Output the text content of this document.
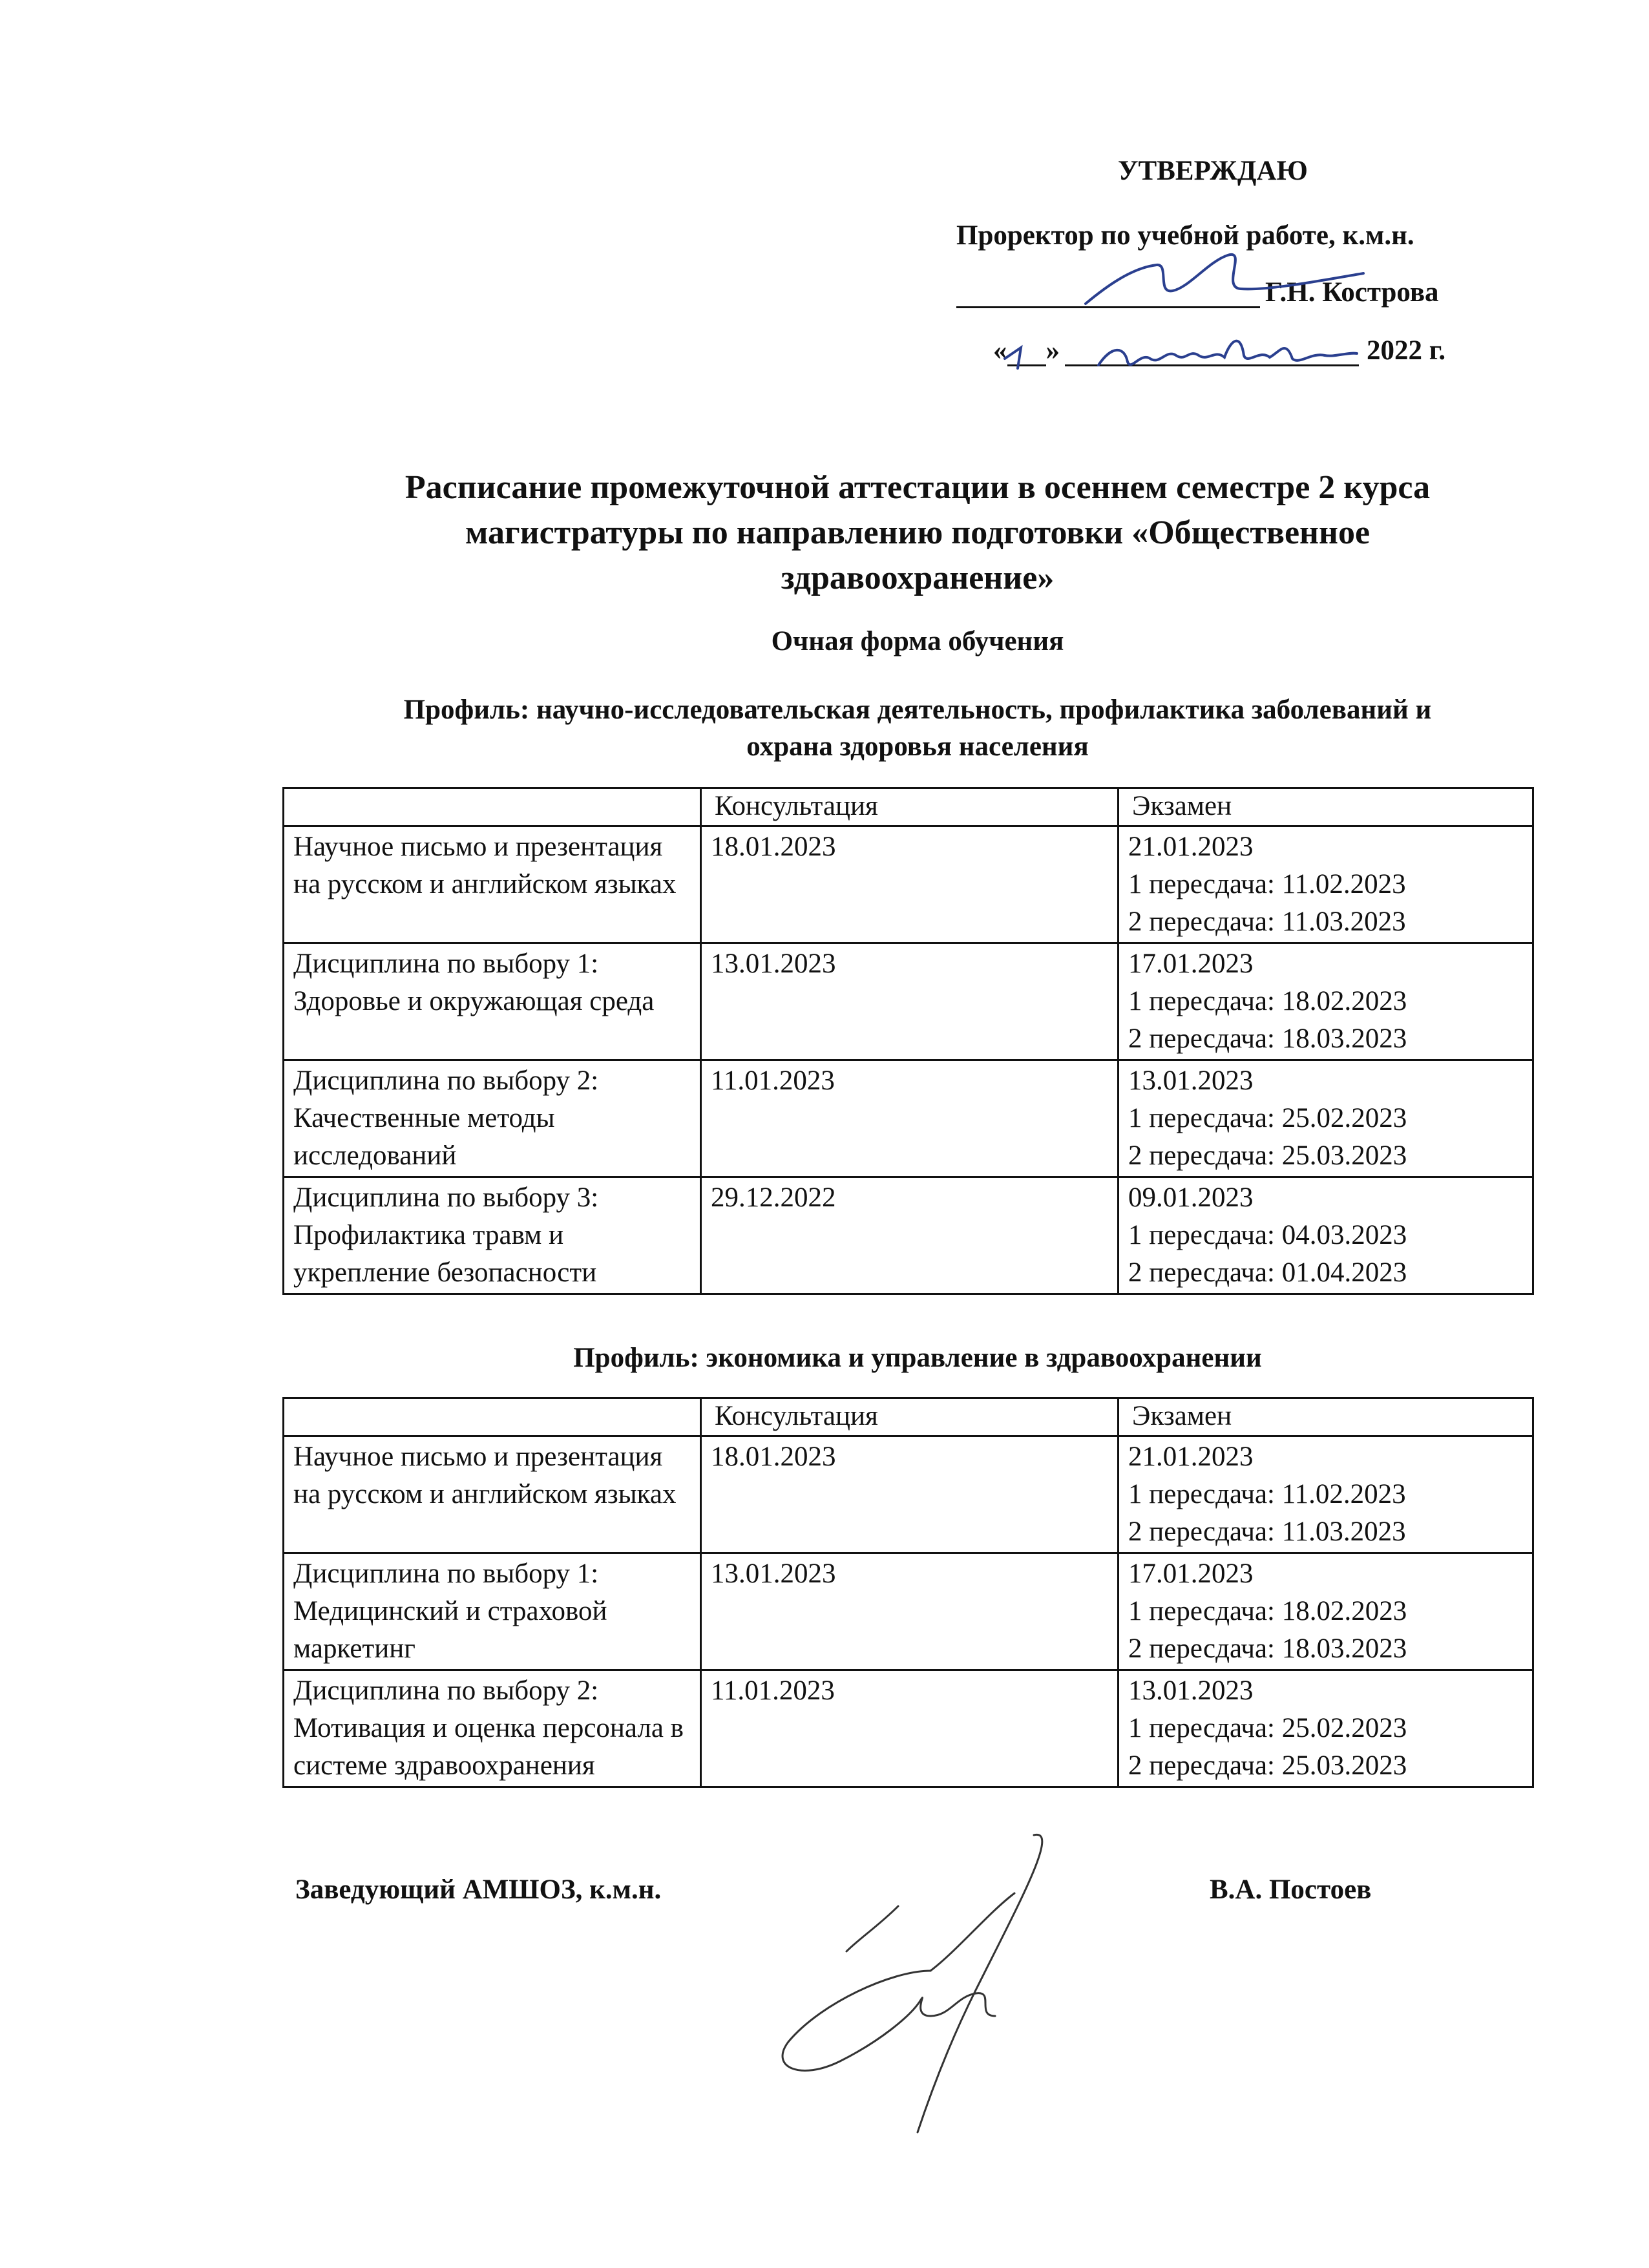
УТВЕРЖДАЮ
Проректор по учебной работе, к.м.н.
Г.Н. Кострова
« »	2022 г.
Расписание промежуточной аттестации в осеннем семестре 2 курса
магистратуры по направлению подготовки «Общественное
здравоохранение»
Очная форма обучения
Профиль: научно-исследовательская деятельность, профилактика заболеваний и
охрана здоровья населения
	Консультация	Экзамен
Научное письмо и презентация на русском и английском языках	18.01.2023	21.01.2023
1 пересдача: 11.02.2023
2 пересдача: 11.03.2023

Дисциплина по выбору 1: Здоровье и окружающая среда	13.01.2023	17.01.2023
1 пересдача: 18.02.2023
2 пересдача: 18.03.2023

Дисциплина по выбору 2: Качественные методы исследований	11.01.2023	13.01.2023
1 пересдача: 25.02.2023
2 пересдача: 25.03.2023

Дисциплина по выбору 3: Профилактика травм и укрепление безопасности	29.12.2022	09.01.2023
1 пересдача: 04.03.2023
2 пересдача: 01.04.2023
Профиль: экономика и управление в здравоохранении
	Консультация	Экзамен
Научное письмо и презентация на русском и английском языках	18.01.2023	21.01.2023
1 пересдача: 11.02.2023
2 пересдача: 11.03.2023

Дисциплина по выбору 1: Медицинский и страховой маркетинг	13.01.2023	17.01.2023
1 пересдача: 18.02.2023
2 пересдача: 18.03.2023

Дисциплина по выбору 2: Мотивация и оценка персонала в системе здравоохранения	11.01.2023	13.01.2023
1 пересдача: 25.02.2023
2 пересдача: 25.03.2023
Заведующий АМШОЗ, к.м.н.	В.А. Постоев
